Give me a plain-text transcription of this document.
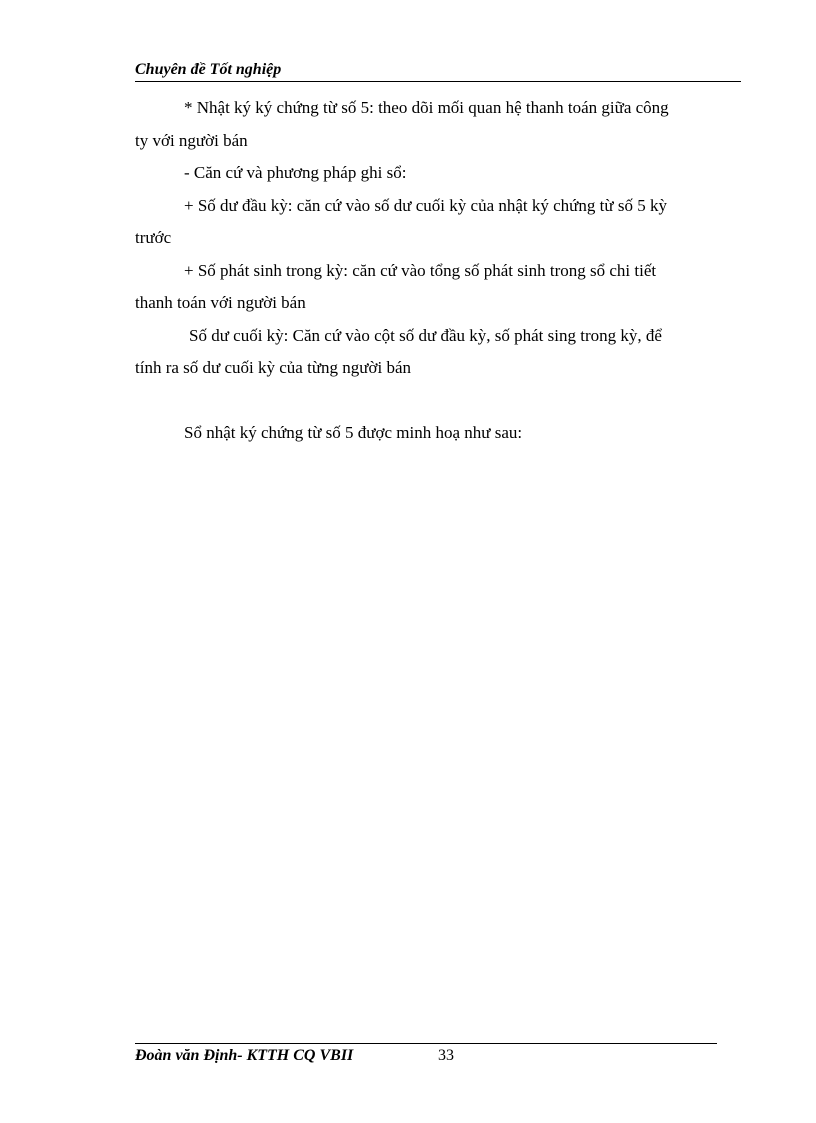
Chuyên đề Tốt nghiệp

* Nhật ký ký chứng từ số 5: theo dõi mối quan hệ thanh toán giữa công

ty với người bán

- Căn cứ và phương pháp ghi sổ:

+ Số dư đầu kỳ: căn cứ vào số dư cuối kỳ của nhật ký chứng từ số 5 kỳ

trước

+ Số phát sinh trong kỳ: căn cứ vào tổng số phát sinh trong sổ chi tiết

thanh toán với người bán

Số dư cuối kỳ: Căn cứ vào cột số dư đầu kỳ, số phát sing trong kỳ, để

tính ra số dư cuối kỳ của từng người bán

Sổ nhật ký chứng từ số 5 được minh hoạ như sau:

Đoàn văn Định- KTTH CQ VBII	33
